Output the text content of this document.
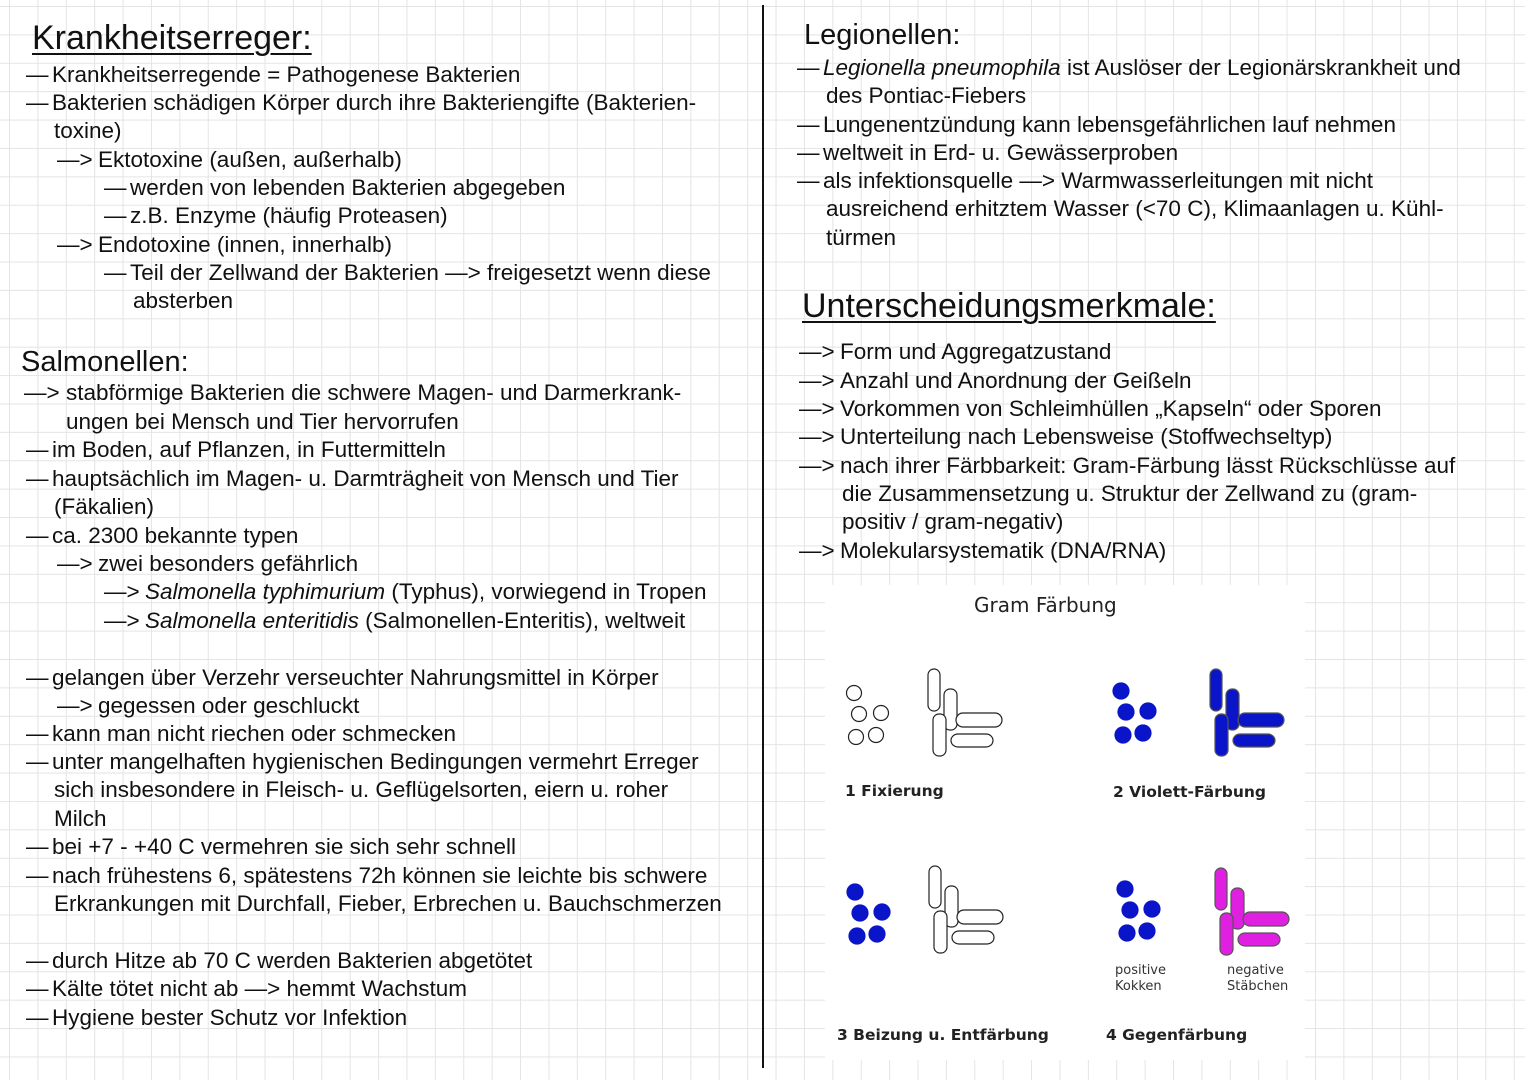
Krankheitserreger:
Salmonellen:
Legionellen:
Unterscheidungsmerkmale:
— Krankheitserregende = Pathogenese Bakterien
— Bakterien schädigen Körper durch ihre Bakteriengifte (Bakterien-
toxine)
—> Ektotoxine (außen, außerhalb)
— werden von lebenden Bakterien abgegeben
— z.B. Enzyme (häufig Proteasen)
—> Endotoxine (innen, innerhalb)
— Teil der Zellwand der Bakterien —> freigesetzt wenn diese
absterben
—> stabförmige Bakterien die schwere Magen- und Darmerkrank-
ungen bei Mensch und Tier hervorrufen
— im Boden, auf Pflanzen, in Futtermitteln
— hauptsächlich im Magen- u. Darmträgheit von Mensch und Tier
(Fäkalien)
— ca. 2300 bekannte typen
—> zwei besonders gefährlich
—> Salmonella typhimurium (Typhus), vorwiegend in Tropen
—> Salmonella enteritidis (Salmonellen-Enteritis), weltweit
— gelangen über Verzehr verseuchter Nahrungsmittel in Körper
—> gegessen oder geschluckt
— kann man nicht riechen oder schmecken
— unter mangelhaften hygienischen Bedingungen vermehrt Erreger
sich insbesondere in Fleisch- u. Geflügelsorten, eiern u. roher
Milch
— bei +7 - +40 C vermehren sie sich sehr schnell
— nach frühestens 6, spätestens 72h können sie leichte bis schwere
Erkrankungen mit Durchfall, Fieber, Erbrechen u. Bauchschmerzen
— durch Hitze ab 70 C werden Bakterien abgetötet
— Kälte tötet nicht ab —> hemmt Wachstum
— Hygiene bester Schutz vor Infektion
— Legionella pneumophila ist Auslöser der Legionärskrankheit und
des Pontiac-Fiebers
— Lungenentzündung kann lebensgefährlichen lauf nehmen
— weltweit in Erd- u. Gewässerproben
— als infektionsquelle —> Warmwasserleitungen mit nicht
ausreichend erhitztem Wasser (<70 C), Klimaanlagen u. Kühl-
türmen
—> Form und Aggregatzustand
—> Anzahl und Anordnung der Geißeln
—> Vorkommen von Schleimhüllen „Kapseln“ oder Sporen
—> Unterteilung nach Lebensweise (Stoffwechseltyp)
—> nach ihrer Färbbarkeit: Gram-Färbung lässt Rückschlüsse auf
die Zusammensetzung u. Struktur der Zellwand zu (gram-
positiv / gram-negativ)
—> Molekularsystematik (DNA/RNA)
Gram Färbung
1 Fixierung	2 Violett-Färbung
3 Beizung u. Entfärbung	4 Gegenfärbung
positive
Kokken
negative
Stäbchen
